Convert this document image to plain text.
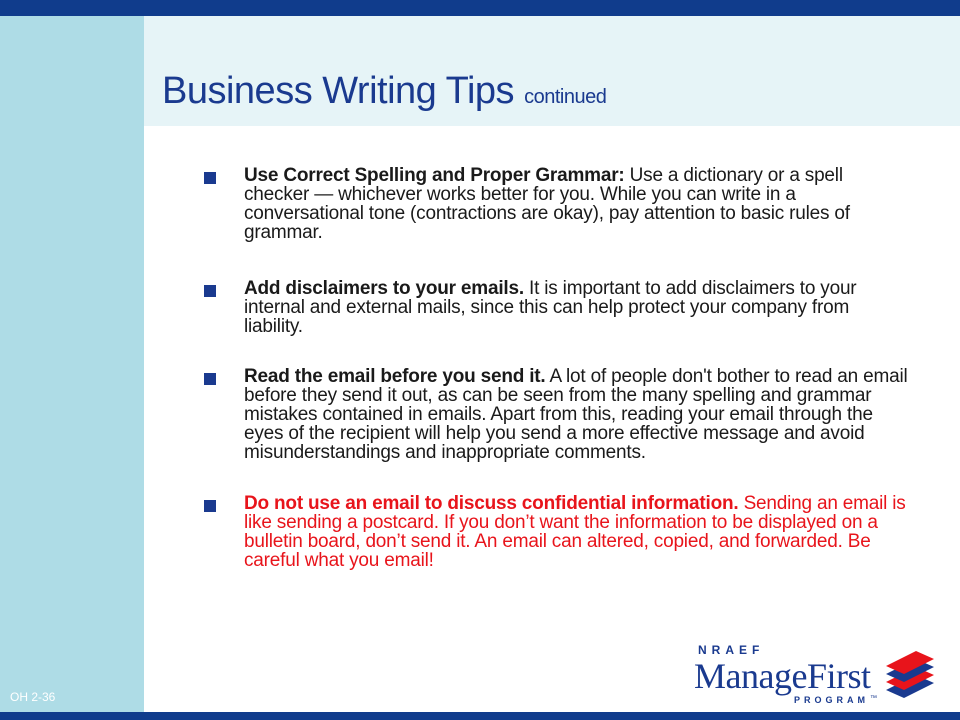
Business Writing Tips continued
Use Correct Spelling and Proper Grammar: Use a dictionary or a spell checker — whichever works better for you. While you can write in a conversational tone (contractions are okay), pay attention to basic rules of grammar.
Add disclaimers to your emails. It is important to add disclaimers to your internal and external mails, since this can help protect your company from liability.
Read the email before you send it. A lot of people don't bother to read an email before they send it out, as can be seen from the many spelling and grammar mistakes contained in emails. Apart from this, reading your email through the eyes of the recipient will help you send a more effective message and avoid misunderstandings and inappropriate comments.
Do not use an email to discuss confidential information. Sending an email is like sending a postcard. If you don’t want the information to be displayed on a bulletin board, don’t send it. An email can altered, copied, and forwarded. Be careful what you email!
OH 2-36
NRAEF
ManageFirst
PROGRAM ™
